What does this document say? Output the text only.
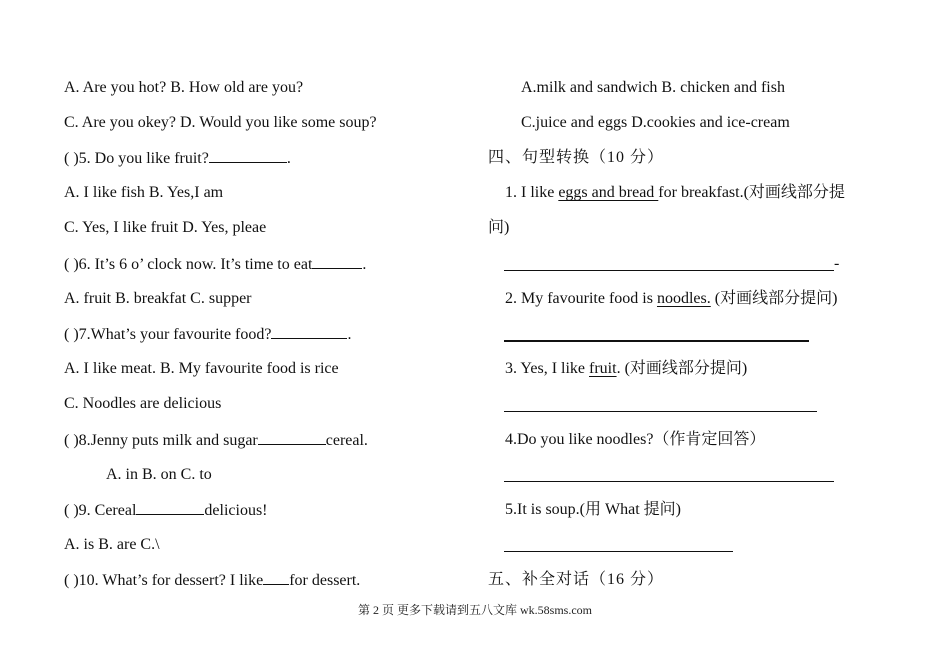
A. Are you hot? B. How old are you?
C. Are you okey? D. Would you like some soup?
( )5. Do you like fruit?	.
A. I like fish B. Yes,I am
C. Yes, I like fruit D. Yes, pleae
( )6. It’s 6 o’ clock now. It’s time to eat	.
A. fruit B. breakfat C. supper
( )7.What’s your favourite food?	.
A. I like meat. B. My favourite food is rice
C. Noodles are delicious
( )8.Jenny puts milk and sugar	cereal.
A. in B. on C. to
( )9. Cereal	delicious!
A. is B. are C.\
( )10. What’s for dessert? I like for dessert.
A.milk and sandwich B. chicken and fish
C.juice and eggs D.cookies and ice-cream
四、句型转换（10 分）
1. I like eggs and bread for breakfast.(对画线部分提
问)
-
2. My favourite food is noodles. (对画线部分提问)
3. Yes, I like fruit. (对画线部分提问)
4.Do you like noodles?（作肯定回答）
5.It is soup.(用 What 提问)
五、补全对话（16 分）
第 2 页 更多下载请到五八文库 wk.58sms.com
